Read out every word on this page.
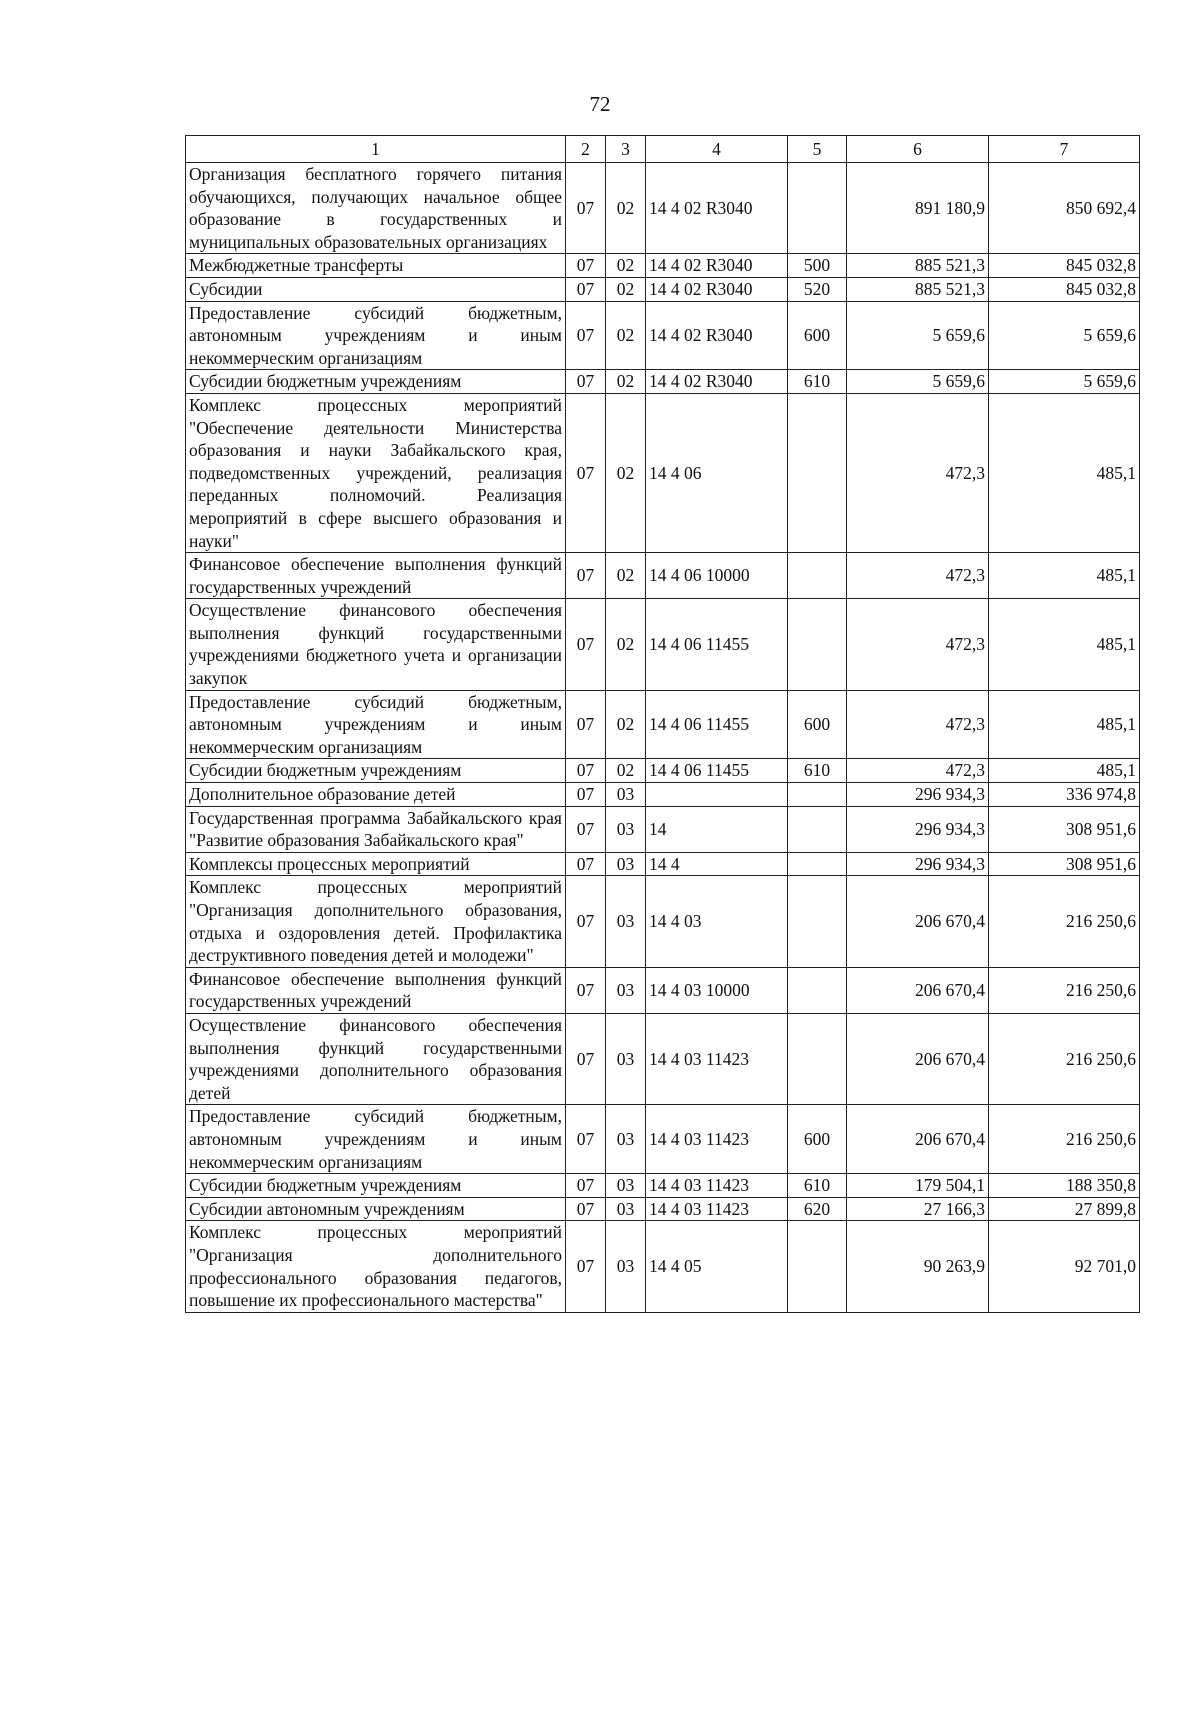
72
1	2	3	4	5	6	7
Организация бесплатного горячего питания обучающихся, получающих начальное общее образование в государственных и муниципальных образовательных организациях	07	02	14 4 02 R3040		891 180,9	850 692,4
Межбюджетные трансферты	07	02	14 4 02 R3040	500	885 521,3	845 032,8
Субсидии	07	02	14 4 02 R3040	520	885 521,3	845 032,8
Предоставление субсидий бюджетным, автономным учреждениям и иным некоммерческим организациям	07	02	14 4 02 R3040	600	5 659,6	5 659,6
Субсидии бюджетным учреждениям	07	02	14 4 02 R3040	610	5 659,6	5 659,6
Комплекс процессных мероприятий "Обеспечение деятельности Министерства образования и науки Забайкальского края, подведомственных учреждений, реализация переданных полномочий. Реализация мероприятий в сфере высшего образования и науки"	07	02	14 4 06		472,3	485,1
Финансовое обеспечение выполнения функций государственных учреждений	07	02	14 4 06 10000		472,3	485,1
Осуществление финансового обеспечения выполнения функций государственными учреждениями бюджетного учета и организации закупок	07	02	14 4 06 11455		472,3	485,1
Предоставление субсидий бюджетным, автономным учреждениям и иным некоммерческим организациям	07	02	14 4 06 11455	600	472,3	485,1
Субсидии бюджетным учреждениям	07	02	14 4 06 11455	610	472,3	485,1
Дополнительное образование детей	07	03			296 934,3	336 974,8
Государственная программа Забайкальского края "Развитие образования Забайкальского края"	07	03	14		296 934,3	308 951,6
Комплексы процессных мероприятий	07	03	14 4		296 934,3	308 951,6
Комплекс процессных мероприятий "Организация дополнительного образования, отдыха и оздоровления детей. Профилактика деструктивного поведения детей и молодежи"	07	03	14 4 03		206 670,4	216 250,6
Финансовое обеспечение выполнения функций государственных учреждений	07	03	14 4 03 10000		206 670,4	216 250,6
Осуществление финансового обеспечения выполнения функций государственными учреждениями дополнительного образования детей	07	03	14 4 03 11423		206 670,4	216 250,6
Предоставление субсидий бюджетным, автономным учреждениям и иным некоммерческим организациям	07	03	14 4 03 11423	600	206 670,4	216 250,6
Субсидии бюджетным учреждениям	07	03	14 4 03 11423	610	179 504,1	188 350,8
Субсидии автономным учреждениям	07	03	14 4 03 11423	620	27 166,3	27 899,8
Комплекс процессных мероприятий "Организация дополнительного профессионального образования педагогов, повышение их профессионального мастерства"	07	03	14 4 05		90 263,9	92 701,0
